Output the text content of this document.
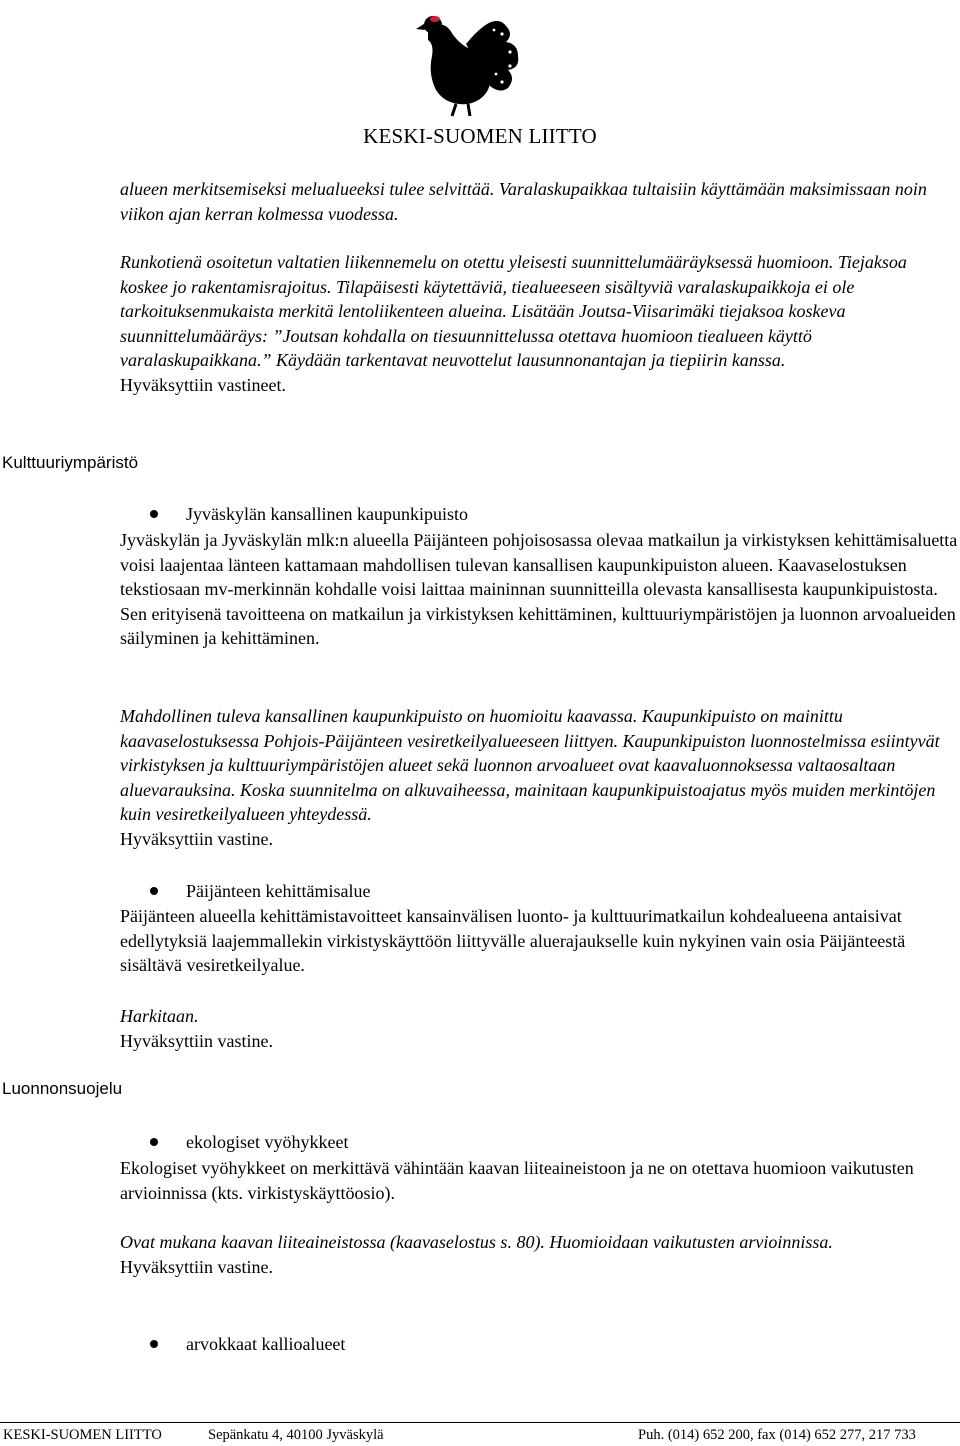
KESKI-SUOMEN LIITTO
Kulttuuriympäristö
Luonnonsuojelu
alueen merkitsemiseksi melualueeksi tulee selvittää. Varalaskupaikkaa tultaisiin käyttämään maksimissaan noin viikon ajan kerran kolmessa vuodessa.
Runkotienä osoitetun valtatien liikennemelu on otettu yleisesti suunnittelumääräyksessä huomioon. Tiejaksoa koskee jo rakentamisrajoitus. Tilapäisesti käytettäviä, tiealueeseen sisältyviä varalaskupaikkoja ei ole tarkoituksenmukaista merkitä lentoliikenteen alueina. Lisätään Joutsa-Viisarimäki tiejaksoa koskeva suunnittelumääräys: ”Joutsan kohdalla on tiesuunnittelussa otettava huomioon tiealueen käyttö varalaskupaikkana.” Käydään tarkentavat neuvottelut lausunnonantajan ja tiepiirin kanssa.
Hyväksyttiin vastineet.
Jyväskylän kansallinen kaupunkipuisto
Jyväskylän ja Jyväskylän mlk:n alueella Päijänteen pohjoisosassa olevaa matkailun ja virkistyksen kehittämisaluetta voisi laajentaa länteen kattamaan mahdollisen tulevan kansallisen kaupunkipuiston alueen. Kaavaselostuksen tekstiosaan mv-merkinnän kohdalle voisi laittaa maininnan suunnitteilla olevasta kansallisesta kaupunkipuistosta. Sen erityisenä tavoitteena on matkailun ja virkistyksen kehittäminen, kulttuuriympäristöjen ja luonnon arvoalueiden säilyminen ja kehittäminen.
Mahdollinen tuleva kansallinen kaupunkipuisto on huomioitu kaavassa. Kaupunkipuisto on mainittu kaavaselostuksessa Pohjois-Päijänteen vesiretkeilyalueeseen liittyen. Kaupunkipuiston luonnostelmissa esiintyvät virkistyksen ja kulttuuriympäristöjen alueet sekä luonnon arvoalueet ovat kaavaluonnoksessa valtaosaltaan aluevarauksina. Koska suunnitelma on alkuvaiheessa, mainitaan kaupunkipuistoajatus myös muiden merkintöjen kuin vesiretkeilyalueen yhteydessä.
Hyväksyttiin vastine.
Päijänteen kehittämisalue
Päijänteen alueella kehittämistavoitteet kansainvälisen luonto- ja kulttuurimatkailun kohdealueena antaisivat edellytyksiä laajemmallekin virkistyskäyttöön liittyvälle aluerajaukselle kuin nykyinen vain osia Päijänteestä sisältävä vesiretkeilyalue.
Harkitaan.
Hyväksyttiin vastine.
ekologiset vyöhykkeet
Ekologiset vyöhykkeet on merkittävä vähintään kaavan liiteaineistoon ja ne on otettava huomioon vaikutusten arvioinnissa (kts. virkistyskäyttöosio).
Ovat mukana kaavan liiteaineistossa (kaavaselostus s. 80). Huomioidaan vaikutusten arvioinnissa.
Hyväksyttiin vastine.
arvokkaat kallioalueet
KESKI-SUOMEN LIITTO	Sepänkatu 4, 40100 Jyväskylä	Puh. (014) 652 200, fax (014) 652 277, 217 733
